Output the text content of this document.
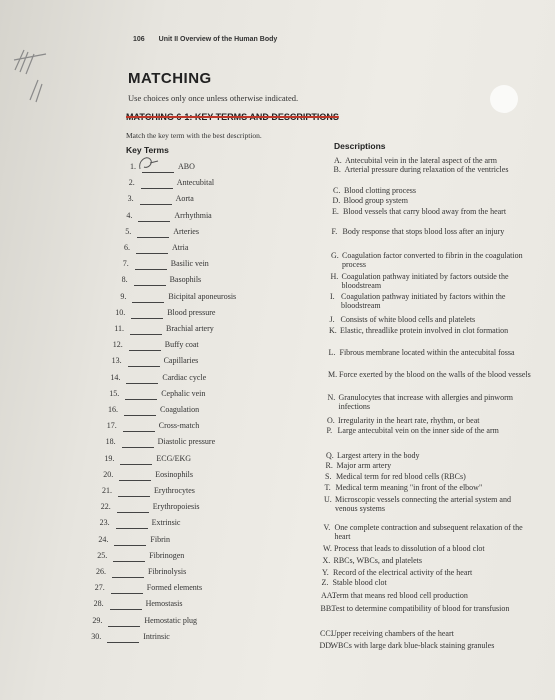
106 Unit II Overview of the Human Body
MATCHING
Use choices only once unless otherwise indicated.
MATCHING 6-1: KEY TERMS AND DESCRIPTIONS
Match the key term with the best description.
Key Terms	Descriptions
1.	ABO
2.	Antecubital
3.	Aorta
4.	Arrhythmia
5.	Arteries
6.	Atria
7.	Basilic vein
8.	Basophils
9.	Bicipital aponeurosis
10.	Blood pressure
11.	Brachial artery
12.	Buffy coat
13.	Capillaries
14.	Cardiac cycle
15.	Cephalic vein
16.	Coagulation
17.	Cross-match
18.	Diastolic pressure
19.	ECG/EKG
20.	Eosinophils
21.	Erythrocytes
22.	Erythropoiesis
23.	Extrinsic
24.	Fibrin
25.	Fibrinogen
26.	Fibrinolysis
27.	Formed elements
28.	Hemostasis
29.	Hemostatic plug
30.	Intrinsic
A. Antecubital vein in the lateral aspect of the arm
B. Arterial pressure during relaxation of the ventricles
C. Blood clotting process
D. Blood group system
E. Blood vessels that carry blood away from the heart
F. Body response that stops blood loss after an injury
G. Coagulation factor converted to fibrin in the coagulation process
H. Coagulation pathway initiated by factors outside the bloodstream
I. Coagulation pathway initiated by factors within the bloodstream
J. Consists of white blood cells and platelets
K. Elastic, threadlike protein involved in clot formation
L. Fibrous membrane located within the antecubital fossa
M. Force exerted by the blood on the walls of the blood vessels
N. Granulocytes that increase with allergies and pinworm infections
O. Irregularity in the heart rate, rhythm, or beat
P. Large antecubital vein on the inner side of the arm
Q. Largest artery in the body
R. Major arm artery
S. Medical term for red blood cells (RBCs)
T. Medical term meaning "in front of the elbow"
U. Microscopic vessels connecting the arterial system and venous systems
V. One complete contraction and subsequent relaxation of the heart
W. Process that leads to dissolution of a blood clot
X. RBCs, WBCs, and platelets
Y. Record of the electrical activity of the heart
Z. Stable blood clot
AA.
Term that means red blood cell production
BB.
Test to determine compatibility of blood for transfusion
CC.
Upper receiving chambers of the heart
DD.
WBCs with large dark blue-black staining granules
